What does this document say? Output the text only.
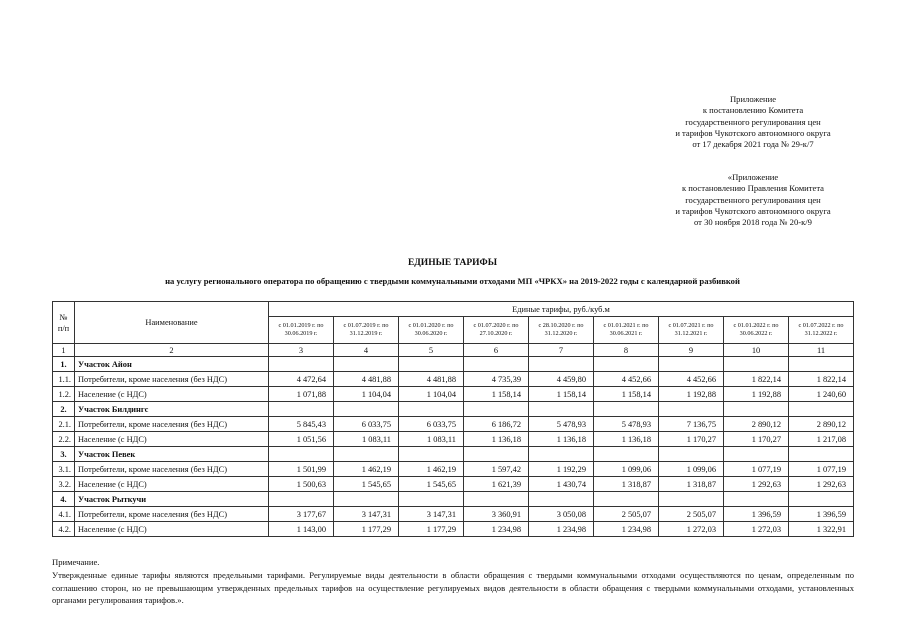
Приложение
к постановлению Комитета
государственного регулирования цен
и тарифов Чукотского автономного округа
от 17 декабря 2021 года № 29-к/7
«Приложение
к постановлению Правления Комитета
государственного регулирования цен
и тарифов Чукотского автономного округа
от 30 ноября 2018 года № 20-к/9
ЕДИНЫЕ ТАРИФЫ
на услугу регионального оператора по обращению с твердыми коммунальными отходами МП «ЧРКХ» на 2019-2022 годы с календарной разбивкой
№
п/п	Наименование	Единые тарифы, руб./куб.м								
		с 01.01.2019 г. по 30.06.2019 г.	с 01.07.2019 г. по 31.12.2019 г.	с 01.01.2020 г. по 30.06.2020 г.	с 01.07.2020 г. по 27.10.2020 г.	с 28.10.2020 г. по 31.12.2020 г.	с 01.01.2021 г. по 30.06.2021 г.	с 01.07.2021 г. по 31.12.2021 г.	с 01.01.2022 г. по 30.06.2022 г.	с 01.07.2022 г. по 31.12.2022 г.
1	2	3	4	5	6	7	8	9	10	11
1.	Участок Айон									
1.1.	Потребители, кроме населения (без НДС)	4 472,64	4 481,88	4 481,88	4 735,39	4 459,80	4 452,66	4 452,66	1 822,14	1 822,14
1.2.	Население (с НДС)	1 071,88	1 104,04	1 104,04	1 158,14	1 158,14	1 158,14	1 192,88	1 192,88	1 240,60
2.	Участок Билдингс									
2.1.	Потребители, кроме населения (без НДС)	5 845,43	6 033,75	6 033,75	6 186,72	5 478,93	5 478,93	7 136,75	2 890,12	2 890,12
2.2.	Население (с НДС)	1 051,56	1 083,11	1 083,11	1 136,18	1 136,18	1 136,18	1 170,27	1 170,27	1 217,08
3.	Участок Певек									
3.1.	Потребители, кроме населения (без НДС)	1 501,99	1 462,19	1 462,19	1 597,42	1 192,29	1 099,06	1 099,06	1 077,19	1 077,19
3.2.	Население (с НДС)	1 500,63	1 545,65	1 545,65	1 621,39	1 430,74	1 318,87	1 318,87	1 292,63	1 292,63
4.	Участок Рыткучи									
4.1.	Потребители, кроме населения (без НДС)	3 177,67	3 147,31	3 147,31	3 360,91	3 050,08	2 505,07	2 505,07	1 396,59	1 396,59
4.2.	Население (с НДС)	1 143,00	1 177,29	1 177,29	1 234,98	1 234,98	1 234,98	1 272,03	1 272,03	1 322,91
Примечание.
Утвержденные единые тарифы являются предельными тарифами. Регулируемые виды деятельности в области обращения с твердыми коммунальными отходами осуществляются по ценам, определенным по соглашению сторон, но не превышающим утвержденных предельных тарифов на осуществление регулируемых видов деятельности в области обращения с твердыми коммунальными отходами, установленных органами регулирования тарифов.».
